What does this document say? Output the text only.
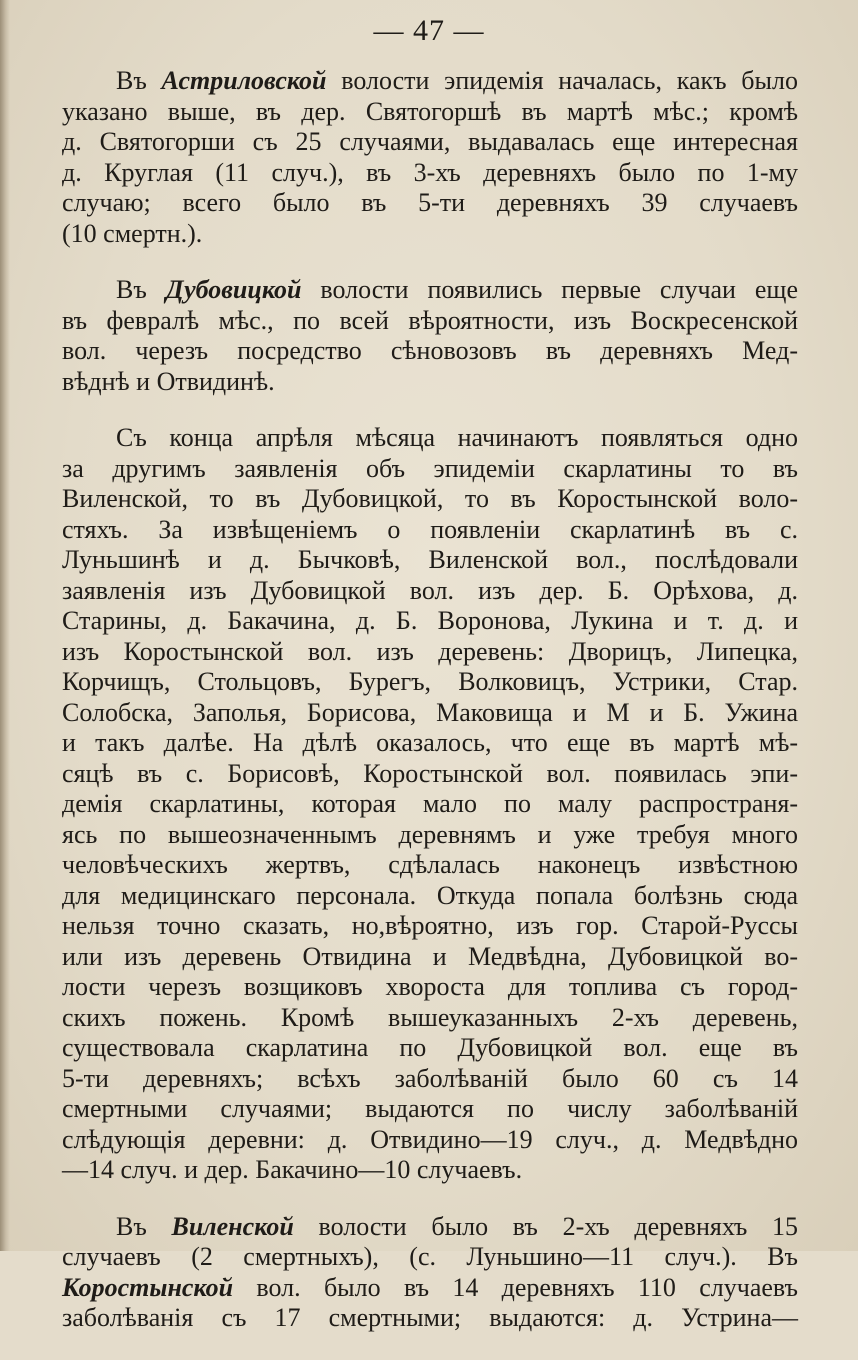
— 47 —
Въ Астриловской волости эпидемія началась, какъ было
указано выше, въ дер. Святогоршѣ въ мартѣ мѣс.; кромѣ
д. Святогорши съ 25 случаями, выдавалась еще интересная
д. Круглая (11 случ.), въ 3-хъ деревняхъ было по 1-му
случаю; всего было въ 5-ти деревняхъ 39 случаевъ
(10 смертн.).
Въ Дубовицкой волости появились первые случаи еще
въ февралѣ мѣс., по всей вѣроятности, изъ Воскресенской
вол. черезъ посредство сѣновозовъ въ деревняхъ Мед-
вѣднѣ и Отвидинѣ.
Съ конца апрѣля мѣсяца начинаютъ появляться одно
за другимъ заявленія объ эпидеміи скарлатины то въ
Виленской, то въ Дубовицкой, то въ Коростынской воло-
стяхъ. За извѣщеніемъ о появленіи скарлатинѣ въ с.
Луньшинѣ и д. Бычковѣ, Виленской вол., послѣдовали
заявленія изъ Дубовицкой вол. изъ дер. Б. Орѣхова, д.
Старины, д. Бакачина, д. Б. Воронова, Лукина и т. д. и
изъ Коростынской вол. изъ деревень: Дворицъ, Липецка,
Корчищъ, Стольцовъ, Бурегъ, Волковицъ, Устрики, Стар.
Солобска, Заполья, Борисова, Маковища и М и Б. Ужина
и такъ далѣе. На дѣлѣ оказалось, что еще въ мартѣ мѣ-
сяцѣ въ с. Борисовѣ, Коростынской вол. появилась эпи-
демія скарлатины, которая мало по малу распространя-
ясь по вышеозначеннымъ деревнямъ и уже требуя много
человѣческихъ жертвъ, сдѣлалась наконецъ извѣстною
для медицинскаго персонала. Откуда попала болѣзнь сюда
нельзя точно сказать, но,вѣроятно, изъ гор. Старой-Руссы
или изъ деревень Отвидина и Медвѣдна, Дубовицкой во-
лости черезъ возщиковъ хвороста для топлива съ город-
скихъ пожень. Кромѣ вышеуказанныхъ 2-хъ деревень,
существовала скарлатина по Дубовицкой вол. еще въ
5-ти деревняхъ; всѣхъ заболѣваній было 60 съ 14
смертными случаями; выдаются по числу заболѣваній
слѣдующія деревни: д. Отвидино—19 случ., д. Медвѣдно
—14 случ. и дер. Бакачино—10 случаевъ.
Въ Виленской волости было въ 2-хъ деревняхъ 15
случаевъ (2 смертныхъ), (с. Луньшино—11 случ.). Въ
Коростынской вол. было въ 14 деревняхъ 110 случаевъ
заболѣванія съ 17 смертными; выдаются: д. Устрина—
